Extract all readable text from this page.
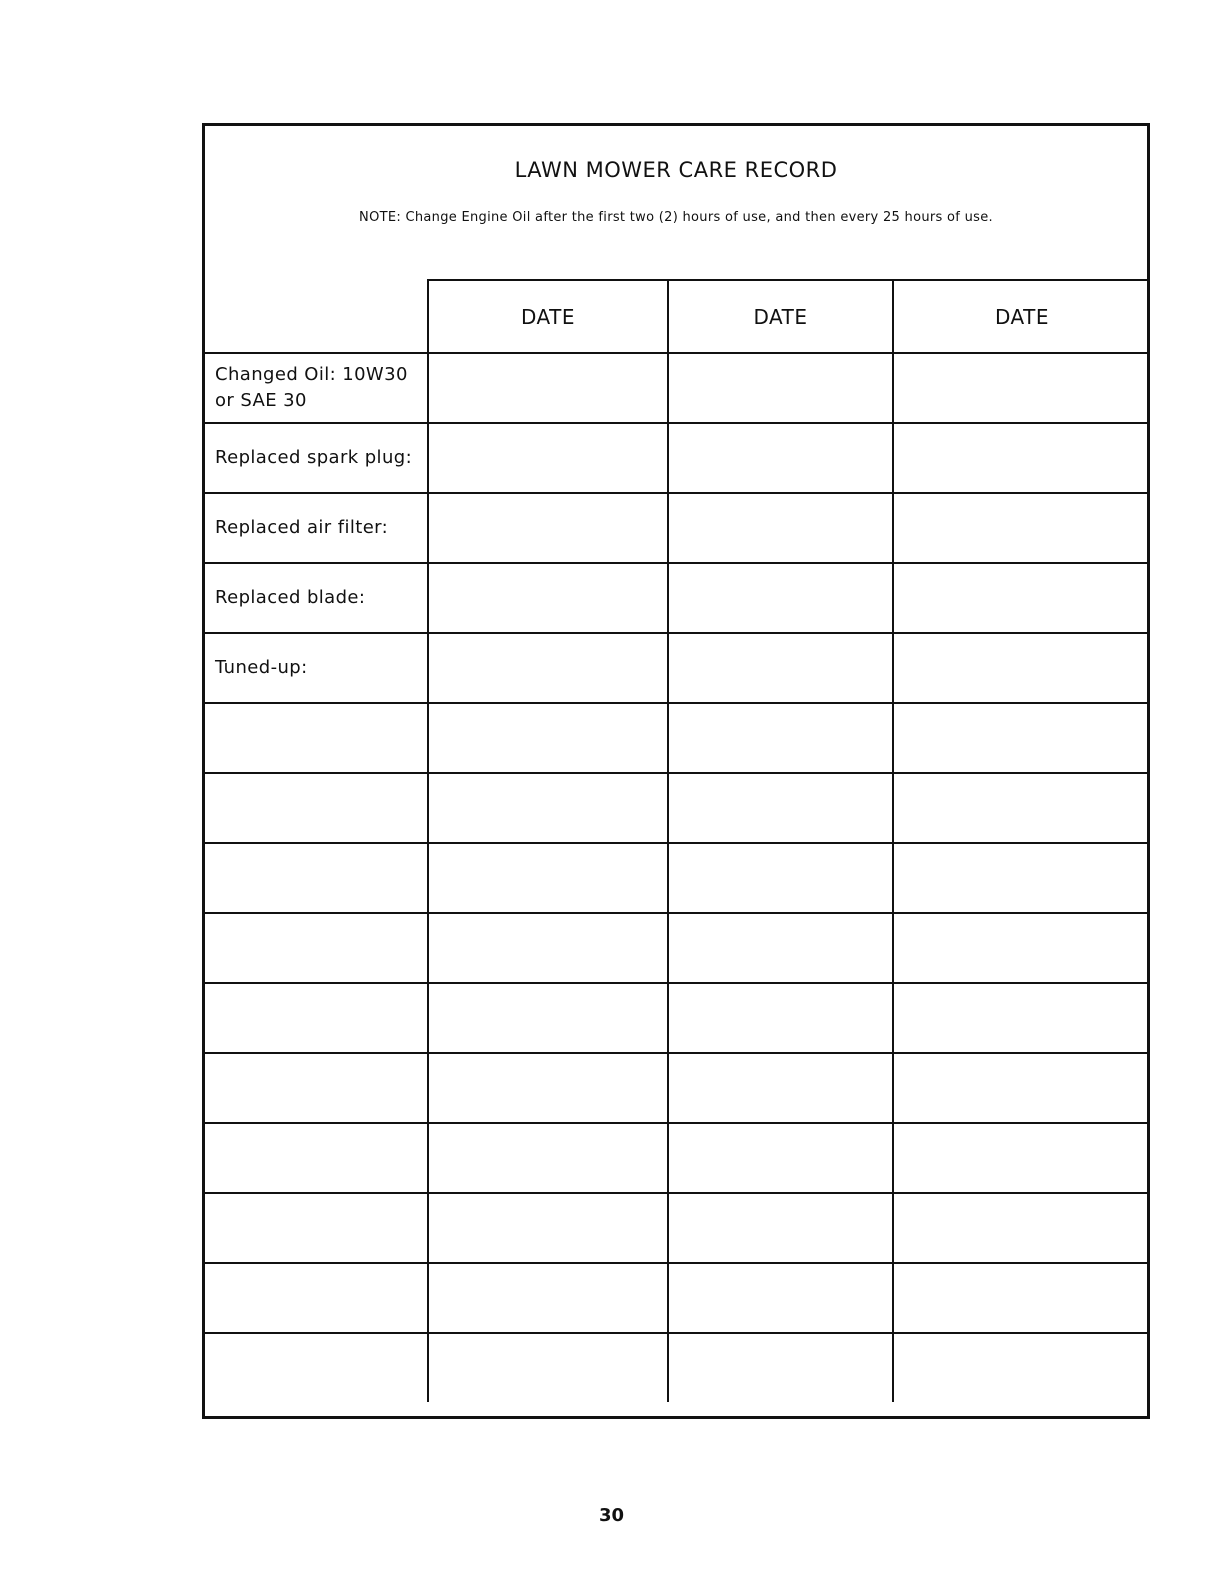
LAWN MOWER CARE RECORD
NOTE: Change Engine Oil after the first two (2) hours of use, and then every 25 hours of use.
	DATE	DATE	DATE
Changed Oil: 10W30
or SAE 30			
Replaced spark plug:			
Replaced air filter:			
Replaced blade:			
Tuned-up:			

30
